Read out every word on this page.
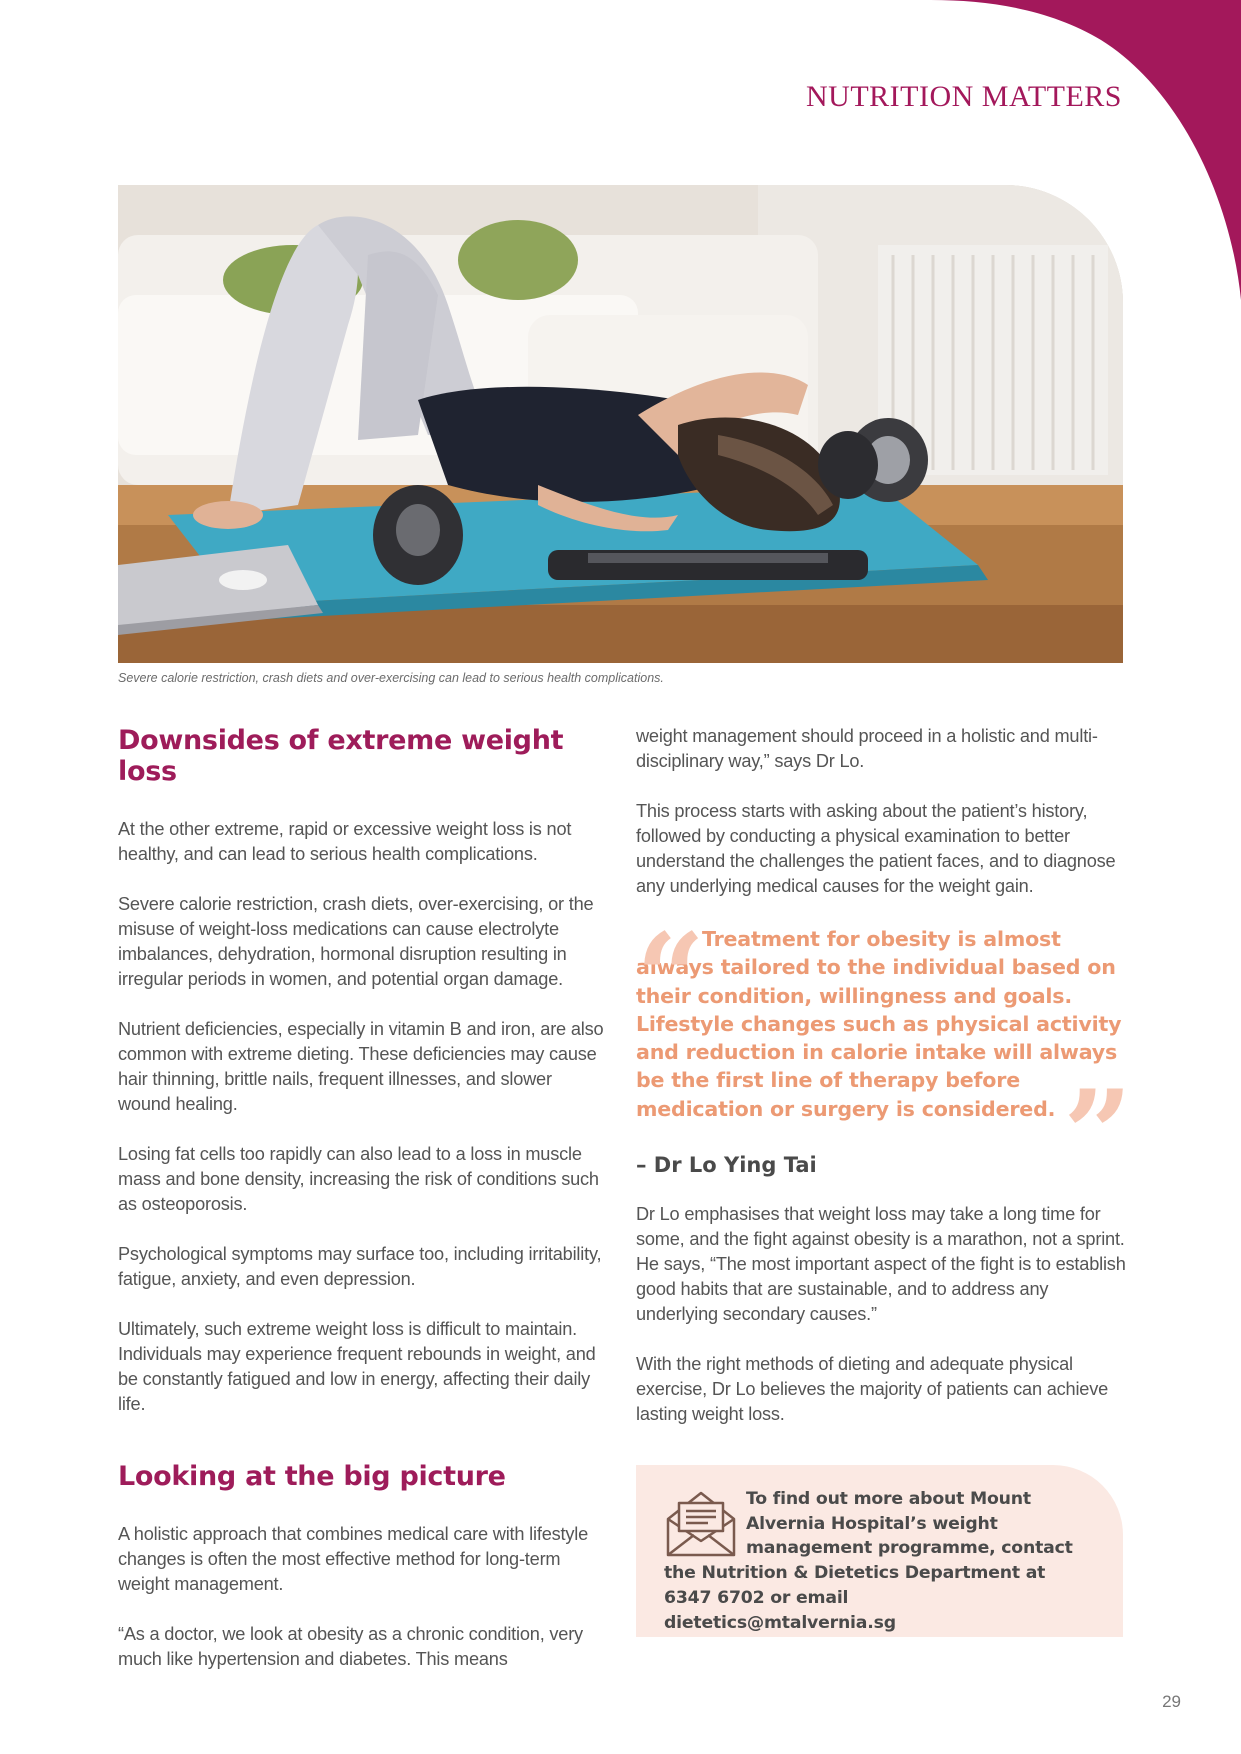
NUTRITION MATTERS
Severe calorie restriction, crash diets and over-exercising can lead to serious health complications.
Downsides of extreme weight loss
At the other extreme, rapid or excessive weight loss is not healthy, and can lead to serious health complications.
Severe calorie restriction, crash diets, over-exercising, or the misuse of weight-loss medications can cause electrolyte imbalances, dehydration, hormonal disruption resulting in irregular periods in women, and potential organ damage.
Nutrient deficiencies, especially in vitamin B and iron, are also common with extreme dieting. These deficiencies may cause hair thinning, brittle nails, frequent illnesses, and slower wound healing.
Losing fat cells too rapidly can also lead to a loss in muscle mass and bone density, increasing the risk of conditions such as osteoporosis.
Psychological symptoms may surface too, including irritability, fatigue, anxiety, and even depression.
Ultimately, such extreme weight loss is difficult to maintain. Individuals may experience frequent rebounds in weight, and be constantly fatigued and low in energy, affecting their daily life.
Looking at the big picture
A holistic approach that combines medical care with lifestyle changes is often the most effective method for long-term weight management.
“As a doctor, we look at obesity as a chronic condition, very much like hypertension and diabetes. This means
weight management should proceed in a holistic and multi-disciplinary way,” says Dr Lo.
This process starts with asking about the patient’s history, followed by conducting a physical examination to better understand the challenges the patient faces, and to diagnose any underlying medical causes for the weight gain.
“ Treatment for obesity is almost always tailored to the individual based on their condition, willingness and goals. Lifestyle changes such as physical activity and reduction in calorie intake will always be the first line of therapy before medication or surgery is considered.”
– Dr Lo Ying Tai
Dr Lo emphasises that weight loss may take a long time for some, and the fight against obesity is a marathon, not a sprint. He says, “The most important aspect of the fight is to establish good habits that are sustainable, and to address any underlying secondary causes.”
With the right methods of dieting and adequate physical exercise, Dr Lo believes the majority of patients can achieve lasting weight loss.
To find out more about Mount Alvernia Hospital’s weight management programme, contact the Nutrition & Dietetics Department at 6347 6702 or email dietetics@mtalvernia.sg
29
